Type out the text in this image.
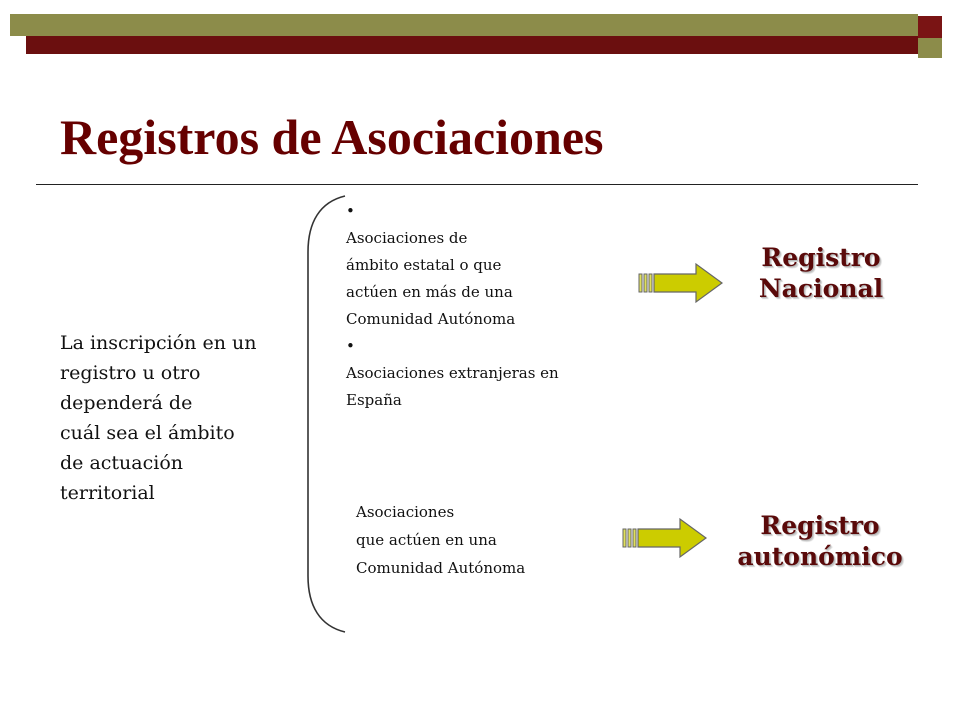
Registros de Asociaciones
La inscripción en un
registro u otro
dependerá de
cuál sea el ámbito
de actuación
territorial
•
Asociaciones de
ámbito estatal o que
actúen en más de una
Comunidad Autónoma
•
Asociaciones extranjeras en
España
Asociaciones
que actúen en una
Comunidad Autónoma
Registro
Nacional
Registro
autonómico
